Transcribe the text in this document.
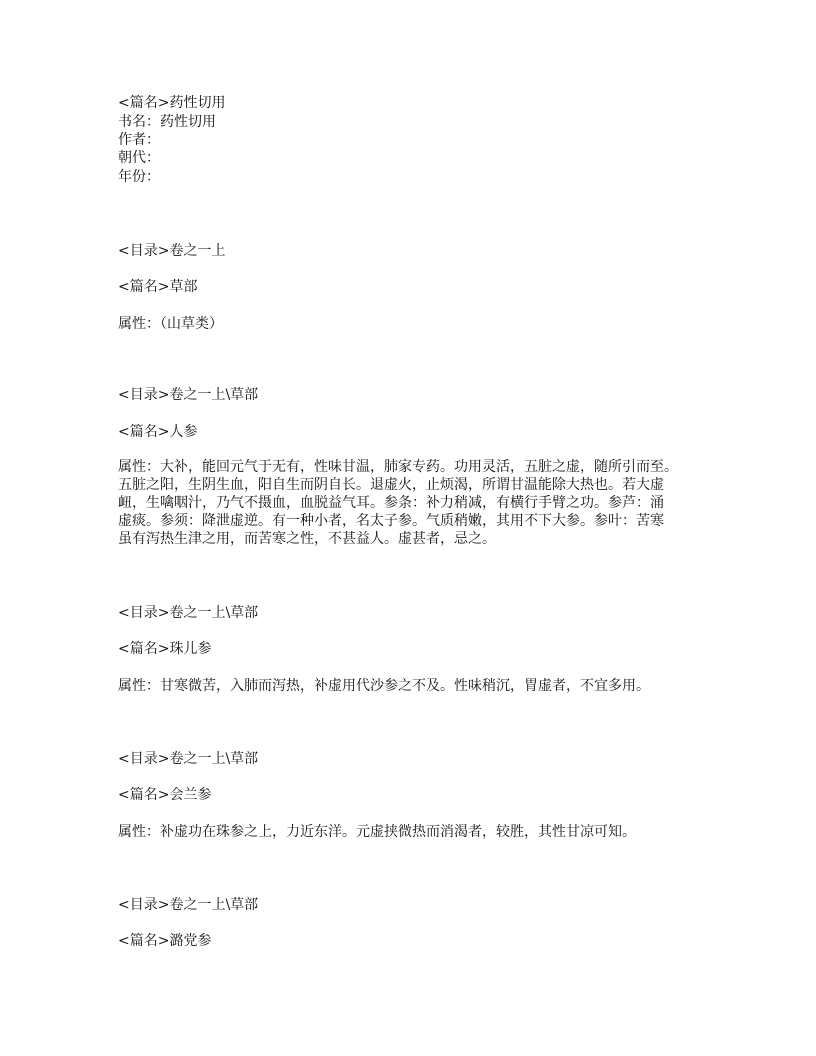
<篇名>药性切用
书名：药性切用
作者：
朝代：
年份：
<目录>卷之一上
<篇名>草部
属性：（山草类）
<目录>卷之一上\草部
<篇名>人参
属性：大补，能回元气于无有，性味甘温，肺家专药。功用灵活，五脏之虚，随所引而至。
五脏之阳，生阴生血，阳自生而阴自长。退虚火，止烦渴，所谓甘温能除大热也。若大虚
衄，生噙咽汁，乃气不摄血，血脱益气耳。参条：补力稍减，有横行手臂之功。参芦：涌
虚痰。参须：降泄虚逆。有一种小者，名太子参。气质稍嫩，其用不下大参。参叶：苦寒
虽有泻热生津之用，而苦寒之性，不甚益人。虚甚者，忌之。
<目录>卷之一上\草部
<篇名>珠儿参
属性：甘寒微苦，入肺而泻热，补虚用代沙参之不及。性味稍沉，胃虚者，不宜多用。
<目录>卷之一上\草部
<篇名>会兰参
属性：补虚功在珠参之上，力近东洋。元虚挟微热而消渴者，较胜，其性甘凉可知。
<目录>卷之一上\草部
<篇名>潞党参
